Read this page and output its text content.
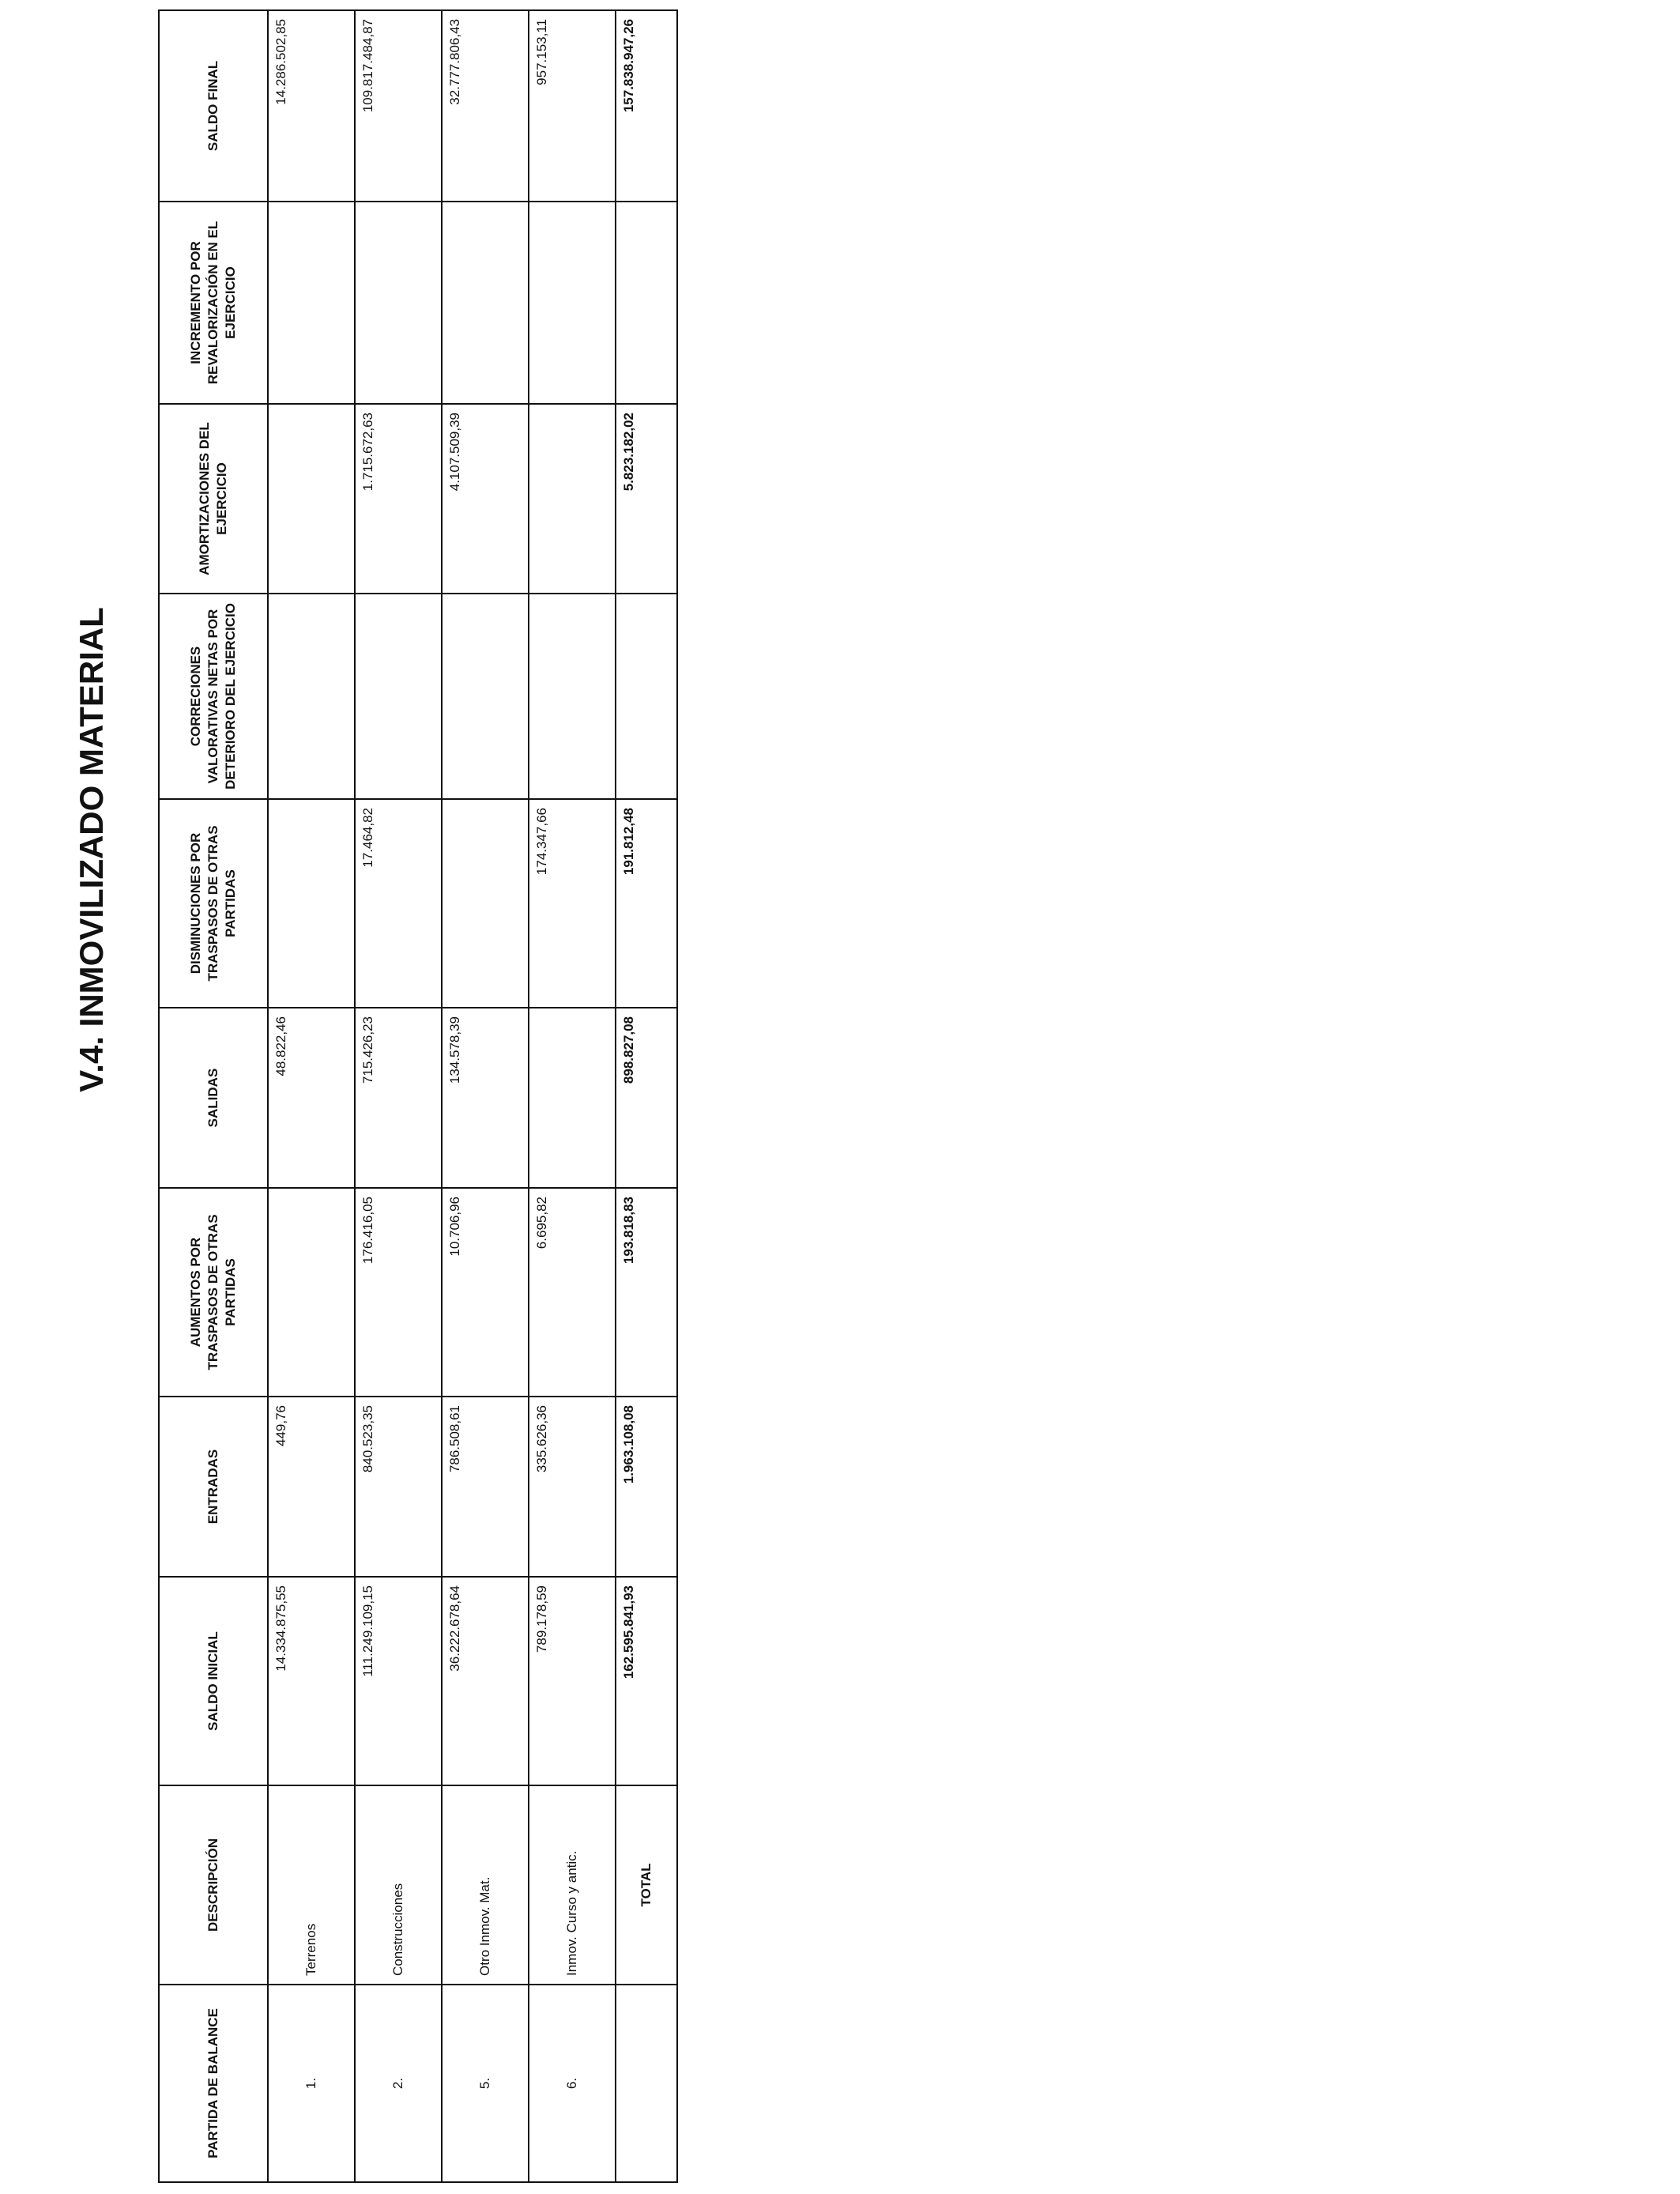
V.4. INMOVILIZADO MATERIAL
PARTIDA DE BALANCE	DESCRIPCIÓN	SALDO INICIAL	ENTRADAS	AUMENTOS POR TRASPASOS DE OTRAS PARTIDAS	SALIDAS	DISMINUCIONES POR TRASPASOS DE OTRAS PARTIDAS	CORRECIONES VALORATIVAS NETAS POR DETERIORO DEL EJERCICIO	AMORTIZACIONES DEL EJERCICIO	INCREMENTO POR REVALORIZACIÓN EN EL EJERCICIO	SALDO FINAL
1.	Terrenos	14.334.875,55	449,76		48.822,46					14.286.502,85
2.	Construcciones	111.249.109,15	840.523,35	176.416,05	715.426,23	17.464,82		1.715.672,63		109.817.484,87
5.	Otro Inmov. Mat.	36.222.678,64	786.508,61	10.706,96	134.578,39			4.107.509,39		32.777.806,43
6.	Inmov. Curso y antic.	789.178,59	335.626,36	6.695,82		174.347,66				957.153,11
	TOTAL	162.595.841,93	1.963.108,08	193.818,83	898.827,08	191.812,48		5.823.182,02		157.838.947,26
